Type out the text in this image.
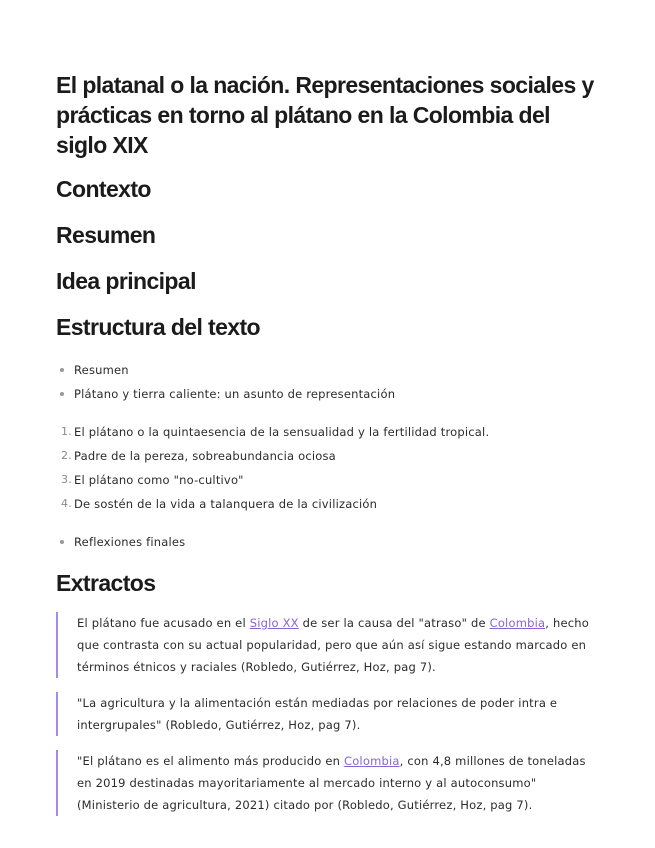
El platanal o la nación. Representaciones sociales y prácticas en torno al plátano en la Colombia del siglo XIX
Contexto
Resumen
Idea principal
Estructura del texto
Resumen
Plátano y tierra caliente: un asunto de representación
1. El plátano o la quintaesencia de la sensualidad y la fertilidad tropical.
2. Padre de la pereza, sobreabundancia ociosa
3. El plátano como "no-cultivo"
4. De sostén de la vida a talanquera de la civilización
Reflexiones finales
Extractos
El plátano fue acusado en el Siglo XX de ser la causa del "atraso" de Colombia, hecho que contrasta con su actual popularidad, pero que aún así sigue estando marcado en términos étnicos y raciales (Robledo, Gutiérrez, Hoz, pag 7).
"La agricultura y la alimentación están mediadas por relaciones de poder intra e intergrupales" (Robledo, Gutiérrez, Hoz, pag 7).
"El plátano es el alimento más producido en Colombia, con 4,8 millones de toneladas en 2019 destinadas mayoritariamente al mercado interno y al autoconsumo" (Ministerio de agricultura, 2021) citado por (Robledo, Gutiérrez, Hoz, pag 7).
